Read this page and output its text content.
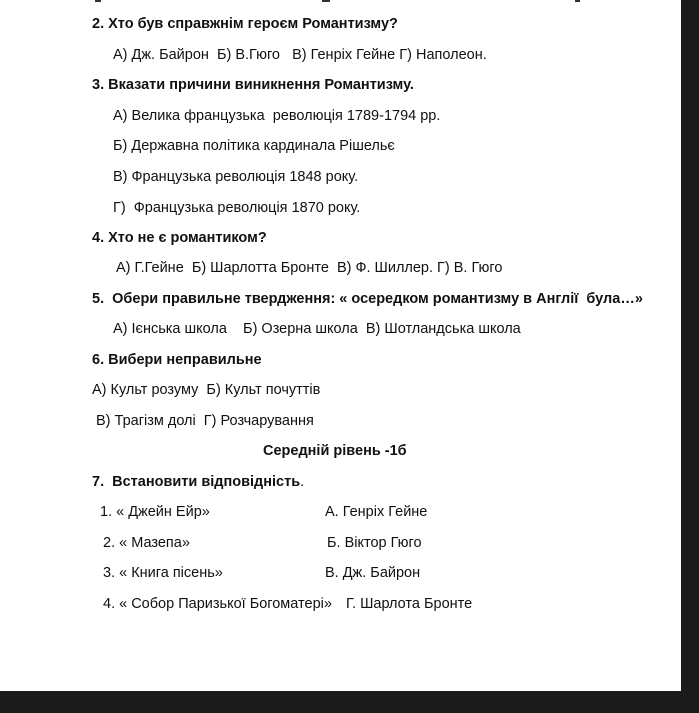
2. Хто був справжнім героєм Романтизму?
А) Дж. Байрон  Б) В.Гюго   В) Генріх Гейне Г) Наполеон.
3. Вказати причини виникнення Романтизму.
А) Велика французька  революція 1789-1794 рр.
Б) Державна політика кардинала Рішельє
В) Французька революція 1848 року.
Г)  Французька революція 1870 року.
4. Хто не є романтиком?
А) Г.Гейне  Б) Шарлотта Бронте  В) Ф. Шиллер. Г) В. Гюго
5.  Обери правильне твердження: « осередком романтизму в Англії  була…»
А) Ієнська школа    Б) Озерна школа  В) Шотландська школа
6. Вибери неправильне
А) Культ розуму  Б) Культ почуттів
В) Трагізм долі  Г) Розчарування
Середній рівень -1б
7.  Встановити відповідність.
1. « Джейн Ейр»	А. Генріх Гейне
2. « Мазепа»	Б. Віктор Гюго
3. « Книга пісень»	В. Дж. Байрон
4. « Собор Паризької Богоматері» Г. Шарлота Бронте
